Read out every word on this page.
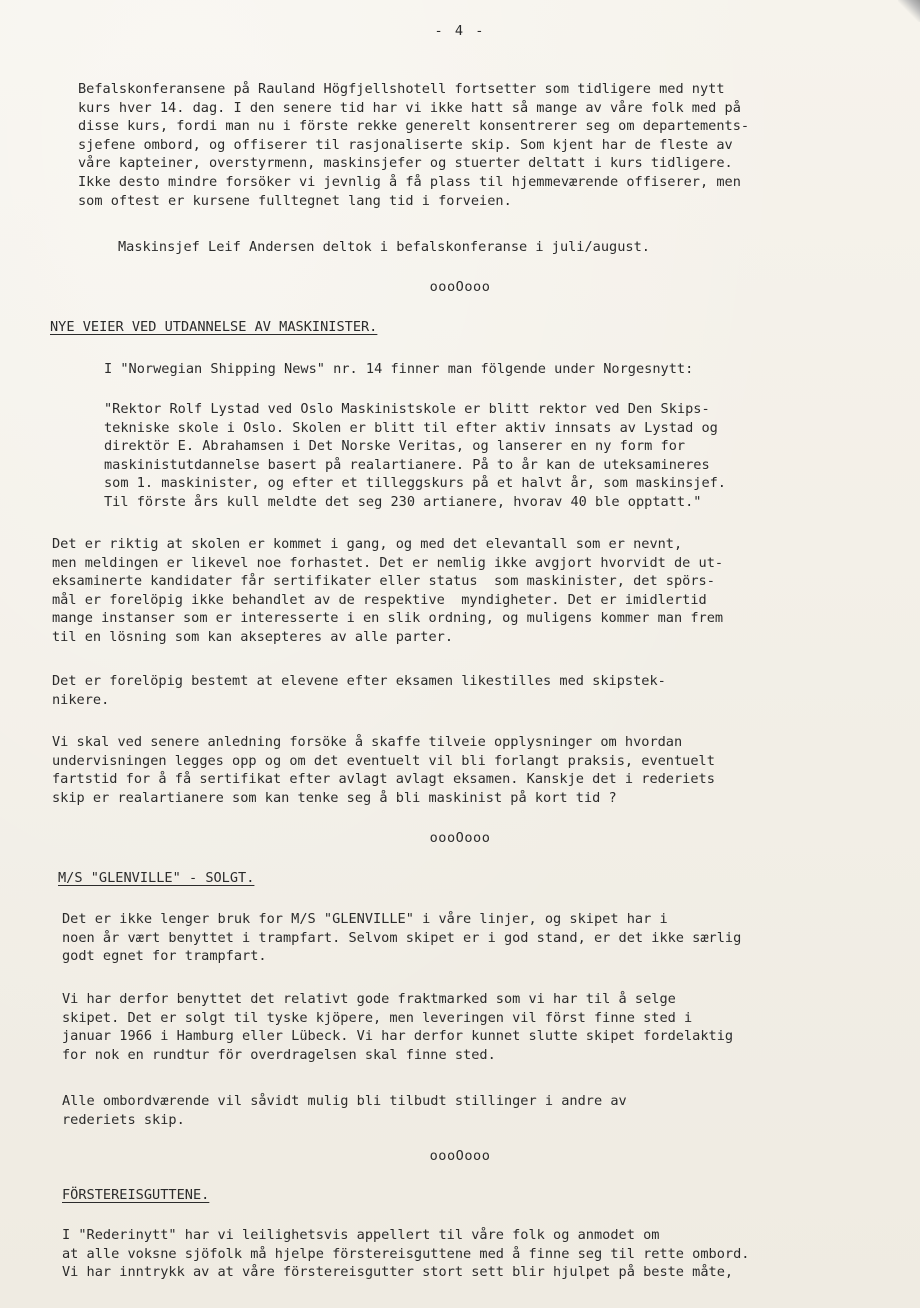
- 4 -
Befalskonferansene på Rauland Högfjellshotell fortsetter som tidligere med nytt
kurs hver 14. dag. I den senere tid har vi ikke hatt så mange av våre folk med på
disse kurs, fordi man nu i förste rekke generelt konsentrerer seg om departements-
sjefene ombord, og offiserer til rasjonaliserte skip. Som kjent har de fleste av
våre kapteiner, overstyrmenn, maskinsjefer og stuerter deltatt i kurs tidligere.
Ikke desto mindre forsöker vi jevnlig å få plass til hjemmeværende offiserer, men
som oftest er kursene fulltegnet lang tid i forveien.
Maskinsjef Leif Andersen deltok i befalskonferanse i juli/august.
oooOooo
NYE VEIER VED UTDANNELSE AV MASKINISTER.
I "Norwegian Shipping News" nr. 14 finner man fölgende under Norgesnytt:
"Rektor Rolf Lystad ved Oslo Maskinistskole er blitt rektor ved Den Skips-
tekniske skole i Oslo. Skolen er blitt til efter aktiv innsats av Lystad og
direktör E. Abrahamsen i Det Norske Veritas, og lanserer en ny form for
maskinistutdannelse basert på realartianere. På to år kan de uteksamineres
som 1. maskinister, og efter et tilleggskurs på et halvt år, som maskinsjef.
Til förste års kull meldte det seg 230 artianere, hvorav 40 ble opptatt."
Det er riktig at skolen er kommet i gang, og med det elevantall som er nevnt,
men meldingen er likevel noe forhastet. Det er nemlig ikke avgjort hvorvidt de ut-
eksaminerte kandidater får sertifikater eller status  som maskinister, det spörs-
mål er forelöpig ikke behandlet av de respektive  myndigheter. Det er imidlertid
mange instanser som er interesserte i en slik ordning, og muligens kommer man frem
til en lösning som kan aksepteres av alle parter.
Det er forelöpig bestemt at elevene efter eksamen likestilles med skipstek-
nikere.
Vi skal ved senere anledning forsöke å skaffe tilveie opplysninger om hvordan
undervisningen legges opp og om det eventuelt vil bli forlangt praksis, eventuelt
fartstid for å få sertifikat efter avlagt avlagt eksamen. Kanskje det i rederiets
skip er realartianere som kan tenke seg å bli maskinist på kort tid ?
oooOooo
M/S "GLENVILLE" - SOLGT.
Det er ikke lenger bruk for M/S "GLENVILLE" i våre linjer, og skipet har i
noen år vært benyttet i trampfart. Selvom skipet er i god stand, er det ikke særlig
godt egnet for trampfart.
Vi har derfor benyttet det relativt gode fraktmarked som vi har til å selge
skipet. Det er solgt til tyske kjöpere, men leveringen vil först finne sted i
januar 1966 i Hamburg eller Lübeck. Vi har derfor kunnet slutte skipet fordelaktig
for nok en rundtur för overdragelsen skal finne sted.
Alle ombordværende vil såvidt mulig bli tilbudt stillinger i andre av
rederiets skip.
oooOooo
FÖRSTEREISGUTTENE.
I "Rederinytt" har vi leilighetsvis appellert til våre folk og anmodet om
at alle voksne sjöfolk må hjelpe förstereisguttene med å finne seg til rette ombord.
Vi har inntrykk av at våre förstereisgutter stort sett blir hjulpet på beste måte,
